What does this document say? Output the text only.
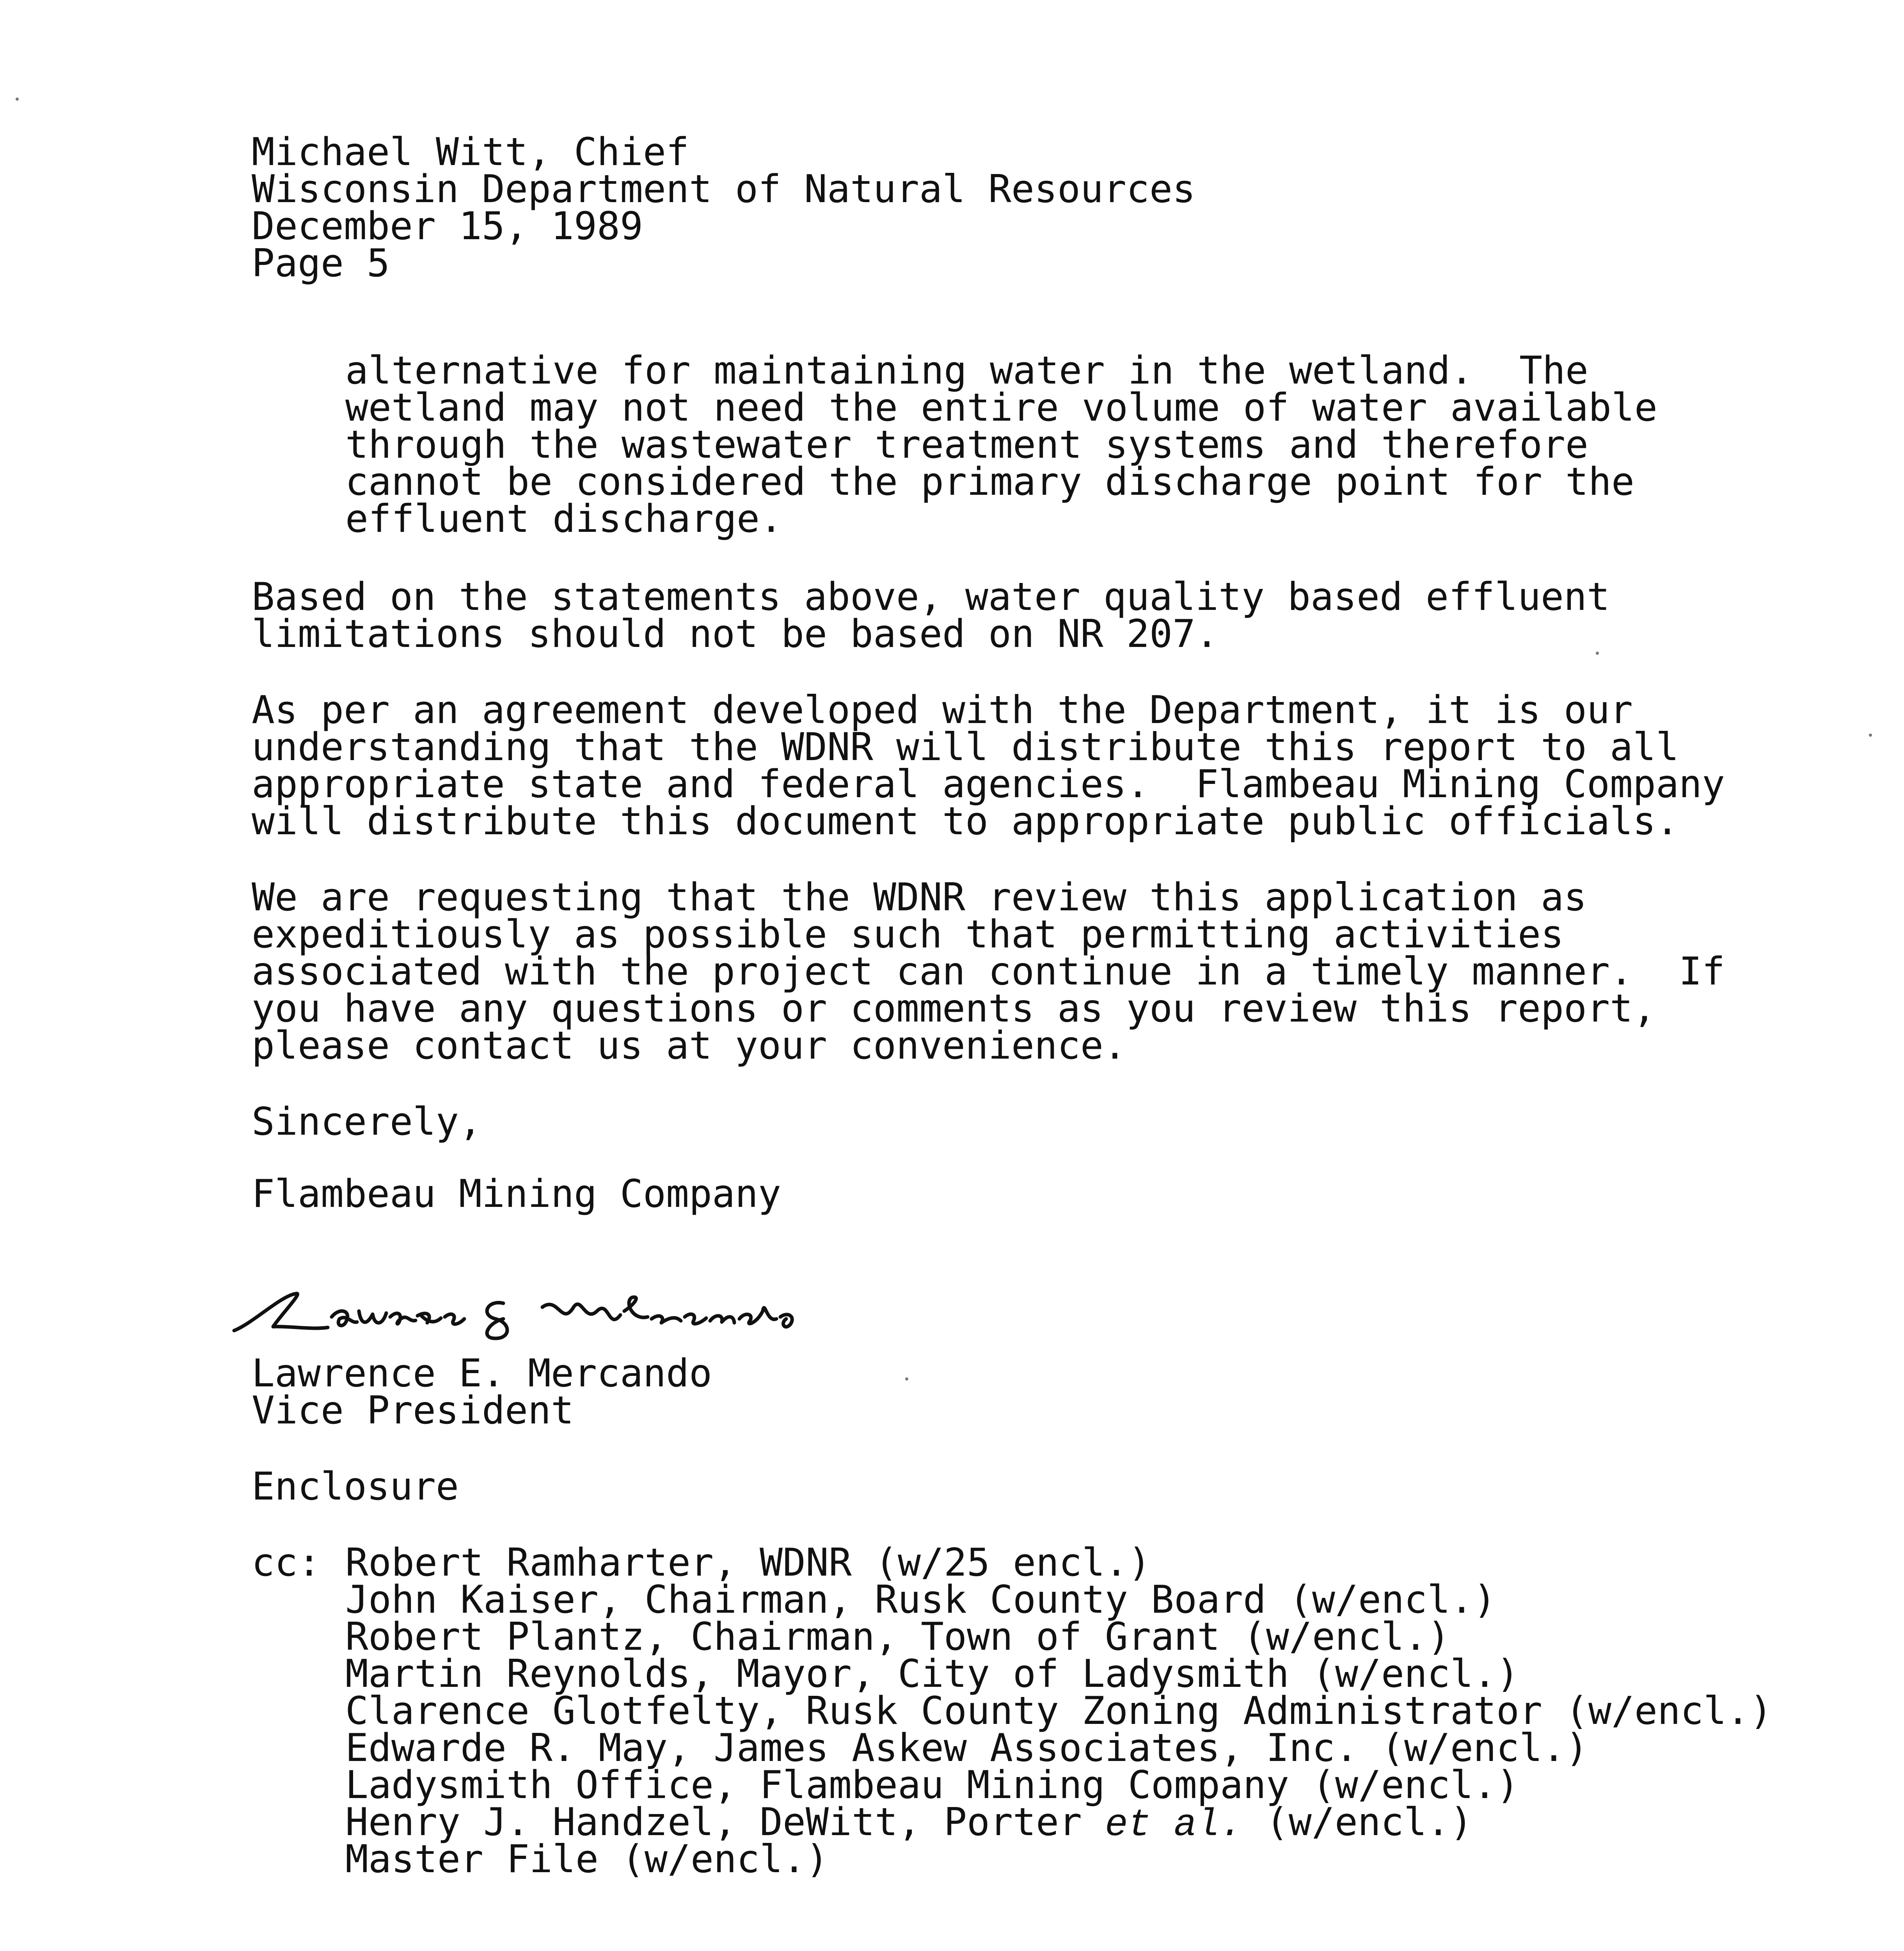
Michael Witt, Chief
Wisconsin Department of Natural Resources
December 15, 1989
Page 5
alternative for maintaining water in the wetland.  The
wetland may not need the entire volume of water available
through the wastewater treatment systems and therefore
cannot be considered the primary discharge point for the
effluent discharge.
Based on the statements above, water quality based effluent
limitations should not be based on NR 207.
As per an agreement developed with the Department, it is our
understanding that the WDNR will distribute this report to all
appropriate state and federal agencies.  Flambeau Mining Company
will distribute this document to appropriate public officials.
We are requesting that the WDNR review this application as
expeditiously as possible such that permitting activities
associated with the project can continue in a timely manner.  If
you have any questions or comments as you review this report,
please contact us at your convenience.
Sincerely,
Flambeau Mining Company
Lawrence E. Mercando
Vice President
Enclosure
cc: Robert Ramharter, WDNR (w/25 encl.)
John Kaiser, Chairman, Rusk County Board (w/encl.)
Robert Plantz, Chairman, Town of Grant (w/encl.)
Martin Reynolds, Mayor, City of Ladysmith (w/encl.)
Clarence Glotfelty, Rusk County Zoning Administrator (w/encl.)
Edwarde R. May, James Askew Associates, Inc. (w/encl.)
Ladysmith Office, Flambeau Mining Company (w/encl.)
Henry J. Handzel, DeWitt, Porter et al. (w/encl.)
Master File (w/encl.)
